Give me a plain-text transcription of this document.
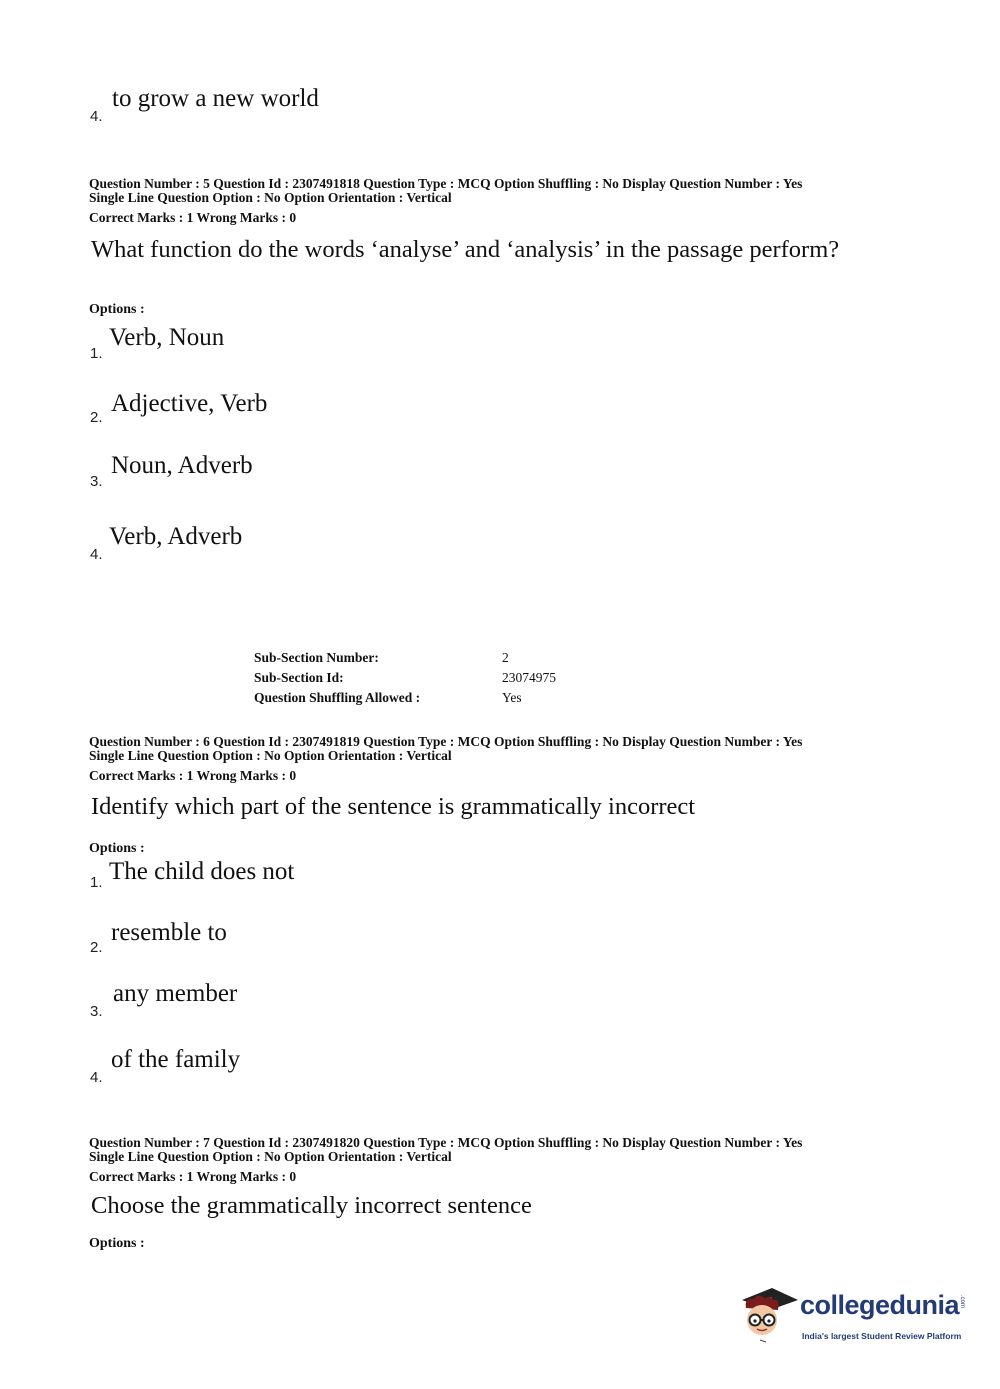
4.
to grow a new world
Question Number : 5 Question Id : 2307491818 Question Type : MCQ Option Shuffling : No Display Question Number : Yes
Single Line Question Option : No Option Orientation : Vertical
Correct Marks : 1 Wrong Marks : 0
What function do the words ‘analyse’ and ‘analysis’ in the passage perform?
Options :
1.
Verb, Noun
2.
Adjective, Verb
3.
Noun, Adverb
4.
Verb, Adverb
Sub-Section Number:	2
Sub-Section Id:	23074975
Question Shuffling Allowed :	Yes
Question Number : 6 Question Id : 2307491819 Question Type : MCQ Option Shuffling : No Display Question Number : Yes
Single Line Question Option : No Option Orientation : Vertical
Correct Marks : 1 Wrong Marks : 0
Identify which part of the sentence is grammatically incorrect
Options :
1. The child does not
2.
resemble to
3.
any member
4.
of the family
Question Number : 7 Question Id : 2307491820 Question Type : MCQ Option Shuffling : No Display Question Number : Yes
Single Line Question Option : No Option Orientation : Vertical
Correct Marks : 1 Wrong Marks : 0
Choose the grammatically incorrect sentence
Options :
collegedunia .com
India's largest Student Review Platform
